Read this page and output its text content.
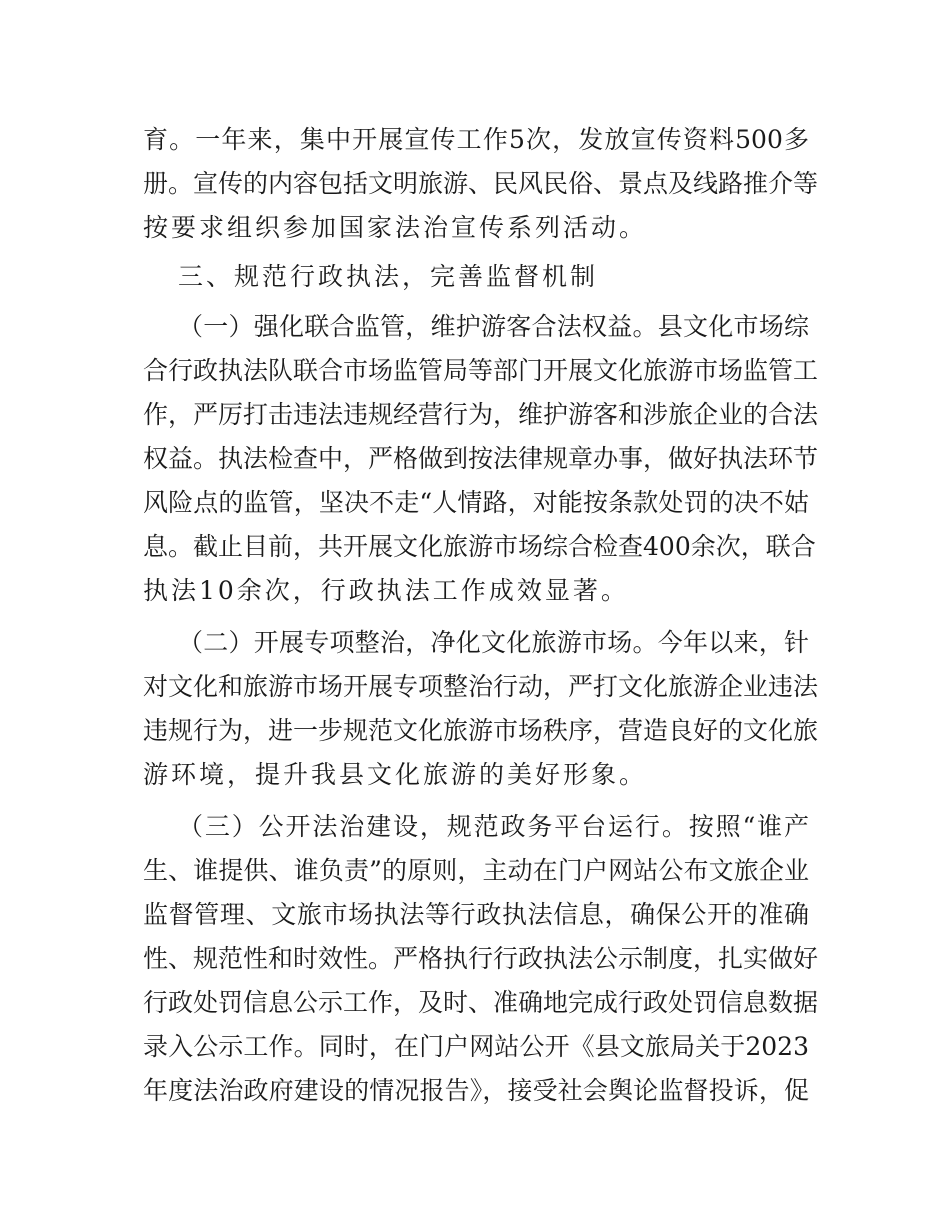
育。一年来，集中开展宣传工作5次，发放宣传资料500多
册。宣传的内容包括文明旅游、民风民俗、景点及线路推介等
按要求组织参加国家法治宣传系列活动。
三、规范行政执法，完善监督机制
（一）强化联合监管，维护游客合法权益。县文化市场综
合行政执法队联合市场监管局等部门开展文化旅游市场监管工
作，严厉打击违法违规经营行为，维护游客和涉旅企业的合法
权益。执法检查中，严格做到按法律规章办事，做好执法环节
风险点的监管，坚决不走“人情路，对能按条款处罚的决不姑
息。截止目前，共开展文化旅游市场综合检查400余次，联合
执法10余次，行政执法工作成效显著。
（二）开展专项整治，净化文化旅游市场。今年以来，针
对文化和旅游市场开展专项整治行动，严打文化旅游企业违法
违规行为，进一步规范文化旅游市场秩序，营造良好的文化旅
游环境，提升我县文化旅游的美好形象。
（三）公开法治建设，规范政务平台运行。按照“谁产
生、谁提供、谁负责”的原则，主动在门户网站公布文旅企业
监督管理、文旅市场执法等行政执法信息，确保公开的准确
性、规范性和时效性。严格执行行政执法公示制度，扎实做好
行政处罚信息公示工作，及时、准确地完成行政处罚信息数据
录入公示工作。同时，在门户网站公开《县文旅局关于2023
年度法治政府建设的情况报告》，接受社会舆论监督投诉，促
